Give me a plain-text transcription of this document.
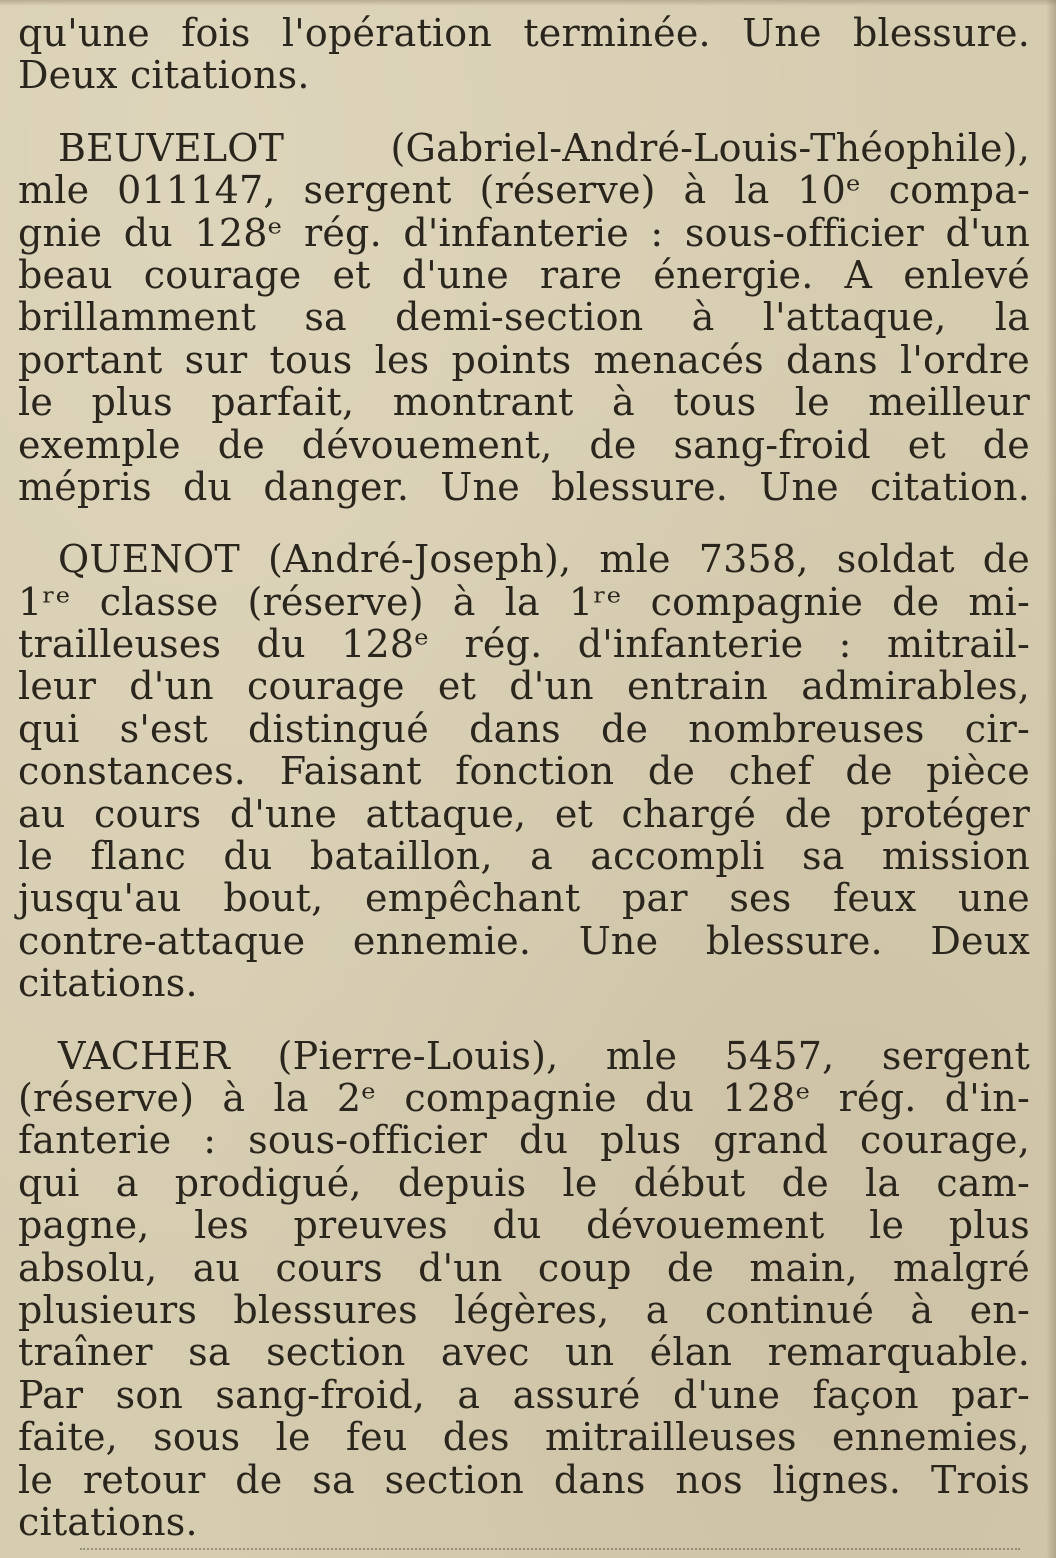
qu'une fois l'opération terminée. Une blessure.
Deux citations.

BEUVELOT (Gabriel-André-Louis-Théophile),
mle 011147, sergent (réserve) à la 10ᵉ compa-
gnie du 128ᵉ rég. d'infanterie : sous-officier d'un
beau courage et d'une rare énergie. A enlevé
brillamment sa demi-section à l'attaque, la
portant sur tous les points menacés dans l'ordre
le plus parfait, montrant à tous le meilleur
exemple de dévouement, de sang-froid et de
mépris du danger. Une blessure. Une citation.

QUENOT (André-Joseph), mle 7358, soldat de
1ʳᵉ classe (réserve) à la 1ʳᵉ compagnie de mi-
trailleuses du 128ᵉ rég. d'infanterie : mitrail-
leur d'un courage et d'un entrain admirables,
qui s'est distingué dans de nombreuses cir-
constances. Faisant fonction de chef de pièce
au cours d'une attaque, et chargé de protéger
le flanc du bataillon, a accompli sa mission
jusqu'au bout, empêchant par ses feux une
contre-attaque ennemie. Une blessure. Deux
citations.

VACHER (Pierre-Louis), mle 5457, sergent
(réserve) à la 2ᵉ compagnie du 128ᵉ rég. d'in-
fanterie : sous-officier du plus grand courage,
qui a prodigué, depuis le début de la cam-
pagne, les preuves du dévouement le plus
absolu, au cours d'un coup de main, malgré
plusieurs blessures légères, a continué à en-
traîner sa section avec un élan remarquable.
Par son sang-froid, a assuré d'une façon par-
faite, sous le feu des mitrailleuses ennemies,
le retour de sa section dans nos lignes. Trois
citations.
